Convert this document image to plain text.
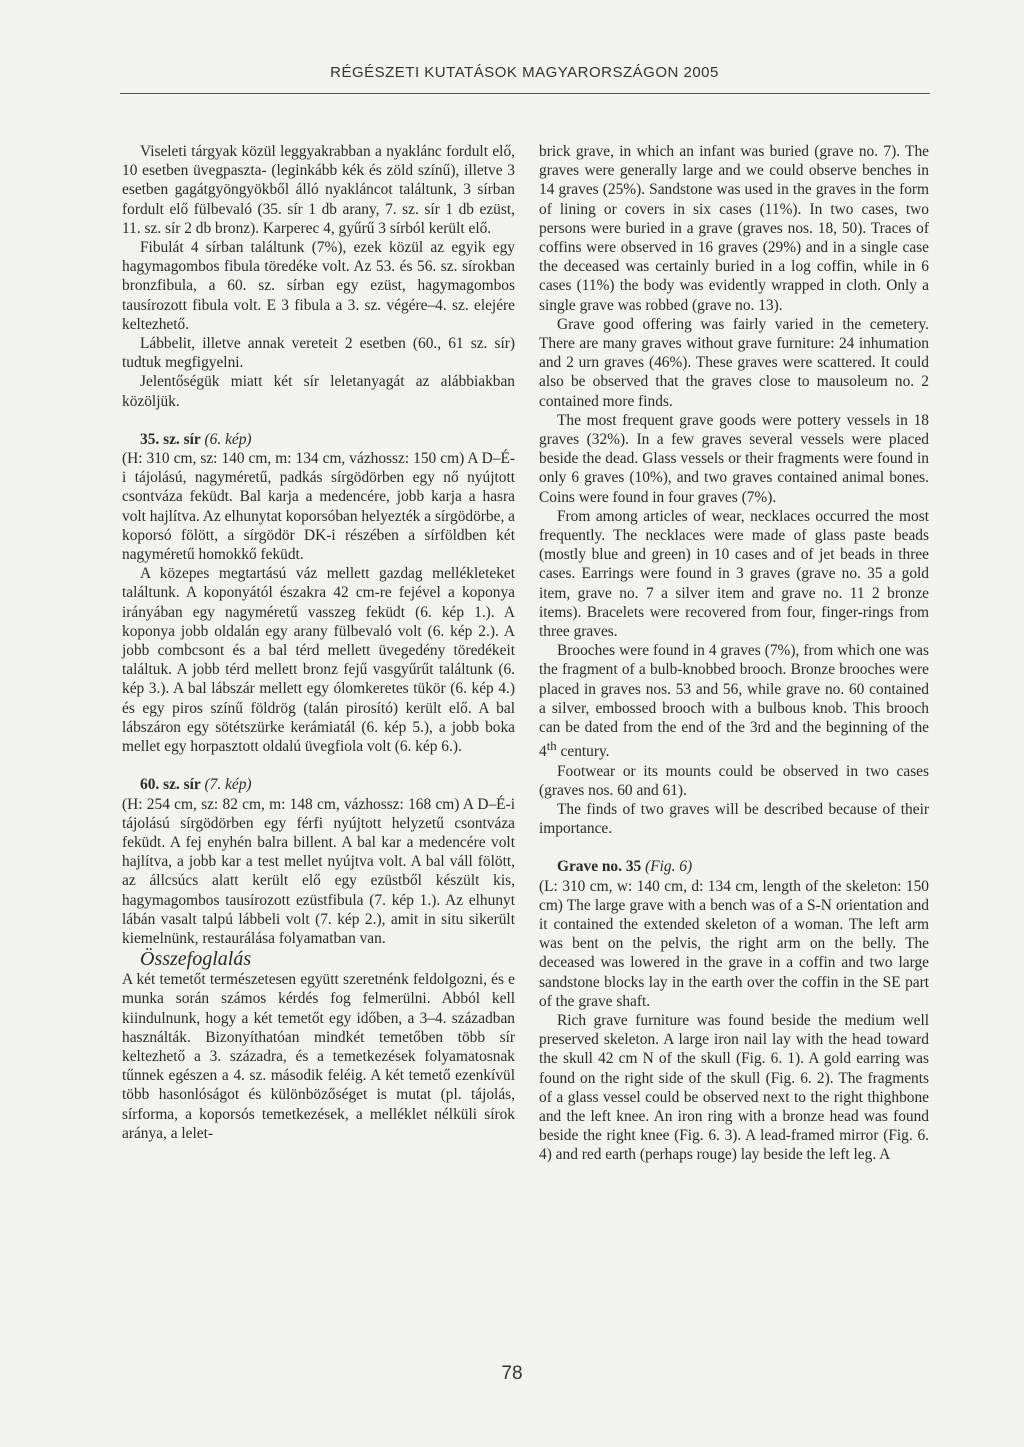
RÉGÉSZETI KUTATÁSOK MAGYARORSZÁGON 2005

Viseleti tárgyak közül leggyakrabban a nyaklánc fordult elő, 10 esetben üvegpaszta- (leginkább kék és zöld színű), illetve 3 esetben gagátgyöngyökből álló nyakláncot találtunk, 3 sírban fordult elő fülbevaló (35. sír 1 db arany, 7. sz. sír 1 db ezüst, 11. sz. sír 2 db bronz). Karperec 4, gyűrű 3 sírból került elő.

Fibulát 4 sírban találtunk (7%), ezek közül az egyik egy hagymagombos fibula töredéke volt. Az 53. és 56. sz. sírokban bronzfibula, a 60. sz. sírban egy ezüst, hagymagombos tausírozott fibula volt. E 3 fibula a 3. sz. végére–4. sz. elejére keltezhető.

Lábbelit, illetve annak vereteit 2 esetben (60., 61 sz. sír) tudtuk megfigyelni.

Jelentőségük miatt két sír leletanyagát az alábbiakban közöljük.

35. sz. sír (6. kép)

(H: 310 cm, sz: 140 cm, m: 134 cm, vázhossz: 150 cm) A D–É-i tájolású, nagyméretű, padkás sírgödörben egy nő nyújtott csontváza feküdt. Bal karja a medencére, jobb karja a hasra volt hajlítva. Az elhunytat koporsóban helyezték a sírgödörbe, a koporsó fölött, a sírgödör DK-i részében a sírföldben két nagyméretű homokkő feküdt.

A közepes megtartású váz mellett gazdag mellékleteket találtunk. A koponyától északra 42 cm-re fejével a koponya irányában egy nagyméretű vasszeg feküdt (6. kép 1.). A koponya jobb oldalán egy arany fülbevaló volt (6. kép 2.). A jobb combcsont és a bal térd mellett üvegedény töredékeit találtuk. A jobb térd mellett bronz fejű vasgyűrűt találtunk (6. kép 3.). A bal lábszár mellett egy ólomkeretes tükör (6. kép 4.) és egy piros színű földrög (talán pirosító) került elő. A bal lábszáron egy sötétszürke kerámiatál (6. kép 5.), a jobb boka mellet egy horpasztott oldalú üvegfiola volt (6. kép 6.).

60. sz. sír (7. kép)

(H: 254 cm, sz: 82 cm, m: 148 cm, vázhossz: 168 cm) A D–É-i tájolású sírgödörben egy férfi nyújtott helyzetű csontváza feküdt. A fej enyhén balra billent. A bal kar a medencére volt hajlítva, a jobb kar a test mellet nyújtva volt. A bal váll fölött, az állcsúcs alatt került elő egy ezüstből készült kis, hagymagombos tausírozott ezüstfibula (7. kép 1.). Az elhunyt lábán vasalt talpú lábbeli volt (7. kép 2.), amit in situ sikerült kiemelnünk, restaurálása folyamatban van.

Összefoglalás

A két temetőt természetesen együtt szeretnénk feldolgozni, és e munka során számos kérdés fog felmerülni. Abból kell kiindulnunk, hogy a két temetőt egy időben, a 3–4. században használták. Bizonyíthatóan mindkét temetőben több sír keltezhető a 3. századra, és a temetkezések folyamatosnak tűnnek egészen a 4. sz. második feléig. A két temető ezenkívül több hasonlóságot és különbözőséget is mutat (pl. tájolás, sírforma, a koporsós temetkezések, a melléklet nélküli sírok aránya, a lelet-

brick grave, in which an infant was buried (grave no. 7). The graves were generally large and we could observe benches in 14 graves (25%). Sandstone was used in the graves in the form of lining or covers in six cases (11%). In two cases, two persons were buried in a grave (graves nos. 18, 50). Traces of coffins were observed in 16 graves (29%) and in a single case the deceased was certainly buried in a log coffin, while in 6 cases (11%) the body was evidently wrapped in cloth. Only a single grave was robbed (grave no. 13).

Grave good offering was fairly varied in the cemetery. There are many graves without grave furniture: 24 inhumation and 2 urn graves (46%). These graves were scattered. It could also be observed that the graves close to mausoleum no. 2 contained more finds.

The most frequent grave goods were pottery vessels in 18 graves (32%). In a few graves several vessels were placed beside the dead. Glass vessels or their fragments were found in only 6 graves (10%), and two graves contained animal bones. Coins were found in four graves (7%).

From among articles of wear, necklaces occurred the most frequently. The necklaces were made of glass paste beads (mostly blue and green) in 10 cases and of jet beads in three cases. Earrings were found in 3 graves (grave no. 35 a gold item, grave no. 7 a silver item and grave no. 11 2 bronze items). Bracelets were recovered from four, finger-rings from three graves.

Brooches were found in 4 graves (7%), from which one was the fragment of a bulb-knobbed brooch. Bronze brooches were placed in graves nos. 53 and 56, while grave no. 60 contained a silver, embossed brooch with a bulbous knob. This brooch can be dated from the end of the 3rd and the beginning of the 4th century.

Footwear or its mounts could be observed in two cases (graves nos. 60 and 61).

The finds of two graves will be described because of their importance.

Grave no. 35 (Fig. 6)

(L: 310 cm, w: 140 cm, d: 134 cm, length of the skeleton: 150 cm) The large grave with a bench was of a S-N orientation and it contained the extended skeleton of a woman. The left arm was bent on the pelvis, the right arm on the belly. The deceased was lowered in the grave in a coffin and two large sandstone blocks lay in the earth over the coffin in the SE part of the grave shaft.

Rich grave furniture was found beside the medium well preserved skeleton. A large iron nail lay with the head toward the skull 42 cm N of the skull (Fig. 6. 1). A gold earring was found on the right side of the skull (Fig. 6. 2). The fragments of a glass vessel could be observed next to the right thighbone and the left knee. An iron ring with a bronze head was found beside the right knee (Fig. 6. 3). A lead-framed mirror (Fig. 6. 4) and red earth (perhaps rouge) lay beside the left leg. A

78
